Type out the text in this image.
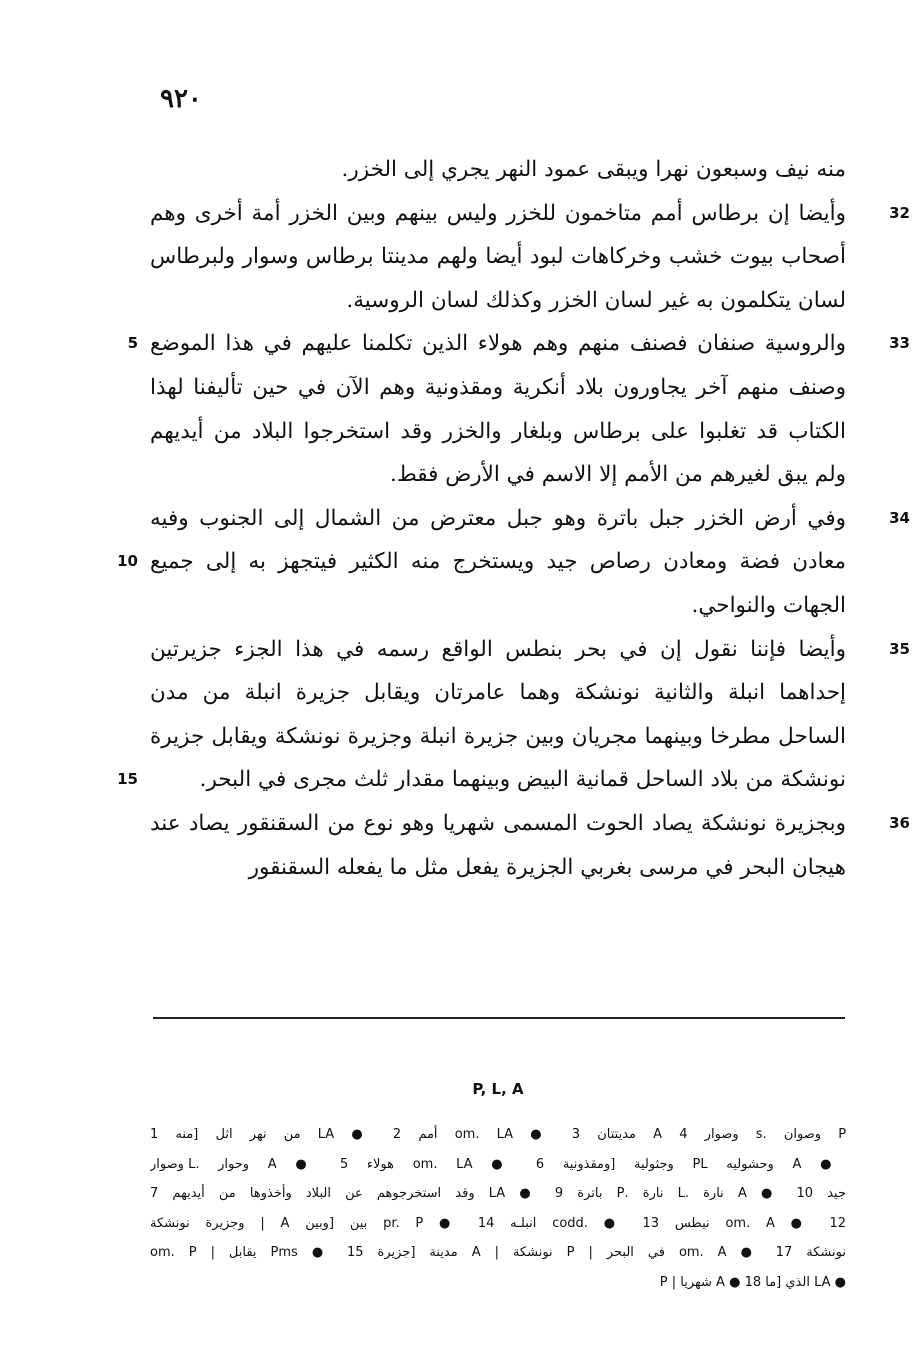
٩٢٠
منه نيف وسبعون نهرا ويبقى عمود النهر يجري إلى الخزر.
32
وأيضا إن برطاس أمم متاخمون للخزر وليس بينهم وبين الخزر أمة أخرى وهم أصحاب بيوت خشب وخركاهات لبود أيضا ولهم مدينتا برطاس وسوار ولبرطاس لسان يتكلمون به غير لسان الخزر وكذلك لسان الروسية.
33
5 والروسية صنفان فصنف منهم وهم هولاء الذين تكلمنا عليهم في هذا الموضع وصنف منهم آخر يجاورون بلاد أنكرية ومقذونية وهم الآن في حين تأليفنا لهذا الكتاب قد تغلبوا على برطاس وبلغار والخزر وقد استخرجوا البلاد من أيديهم ولم يبق لغيرهم من الأمم إلا الاسم في الأرض فقط.
34
10
وفي أرض الخزر جبل باترة وهو جبل معترض من الشمال إلى الجنوب وفيه معادن فضة ومعادن رصاص جيد ويستخرج منه الكثير فيتجهز به إلى جميع الجهات والنواحي.
35
15
وأيضا فإننا نقول إن في بحر بنطس الواقع رسمه في هذا الجزء جزيرتين إحداهما انبلة والثانية نونشكة وهما عامرتان ويقابل جزيرة انبلة من مدن الساحل مطرخا وبينهما مجريان وبين جزيرة انبلة وجزيرة نونشكة ويقابل جزيرة نونشكة من بلاد الساحل قمانية البيض وبينهما مقدار ثلث مجرى في البحر.
36
وبجزيرة نونشكة يصاد الحوت المسمى شهريا وهو نوع من السقنقور يصاد عند هيجان البحر في مرسى بغربي الجزيرة يفعل مثل ما يفعله السقنقور
P, L, A
P وصوان .s وصوار 4 A مديتتان 3 ● om. LA أمم 2 ● LA من نهر اثل [منه 1
● A وحشوليه PL وجثولية [ومقذونية 6 ● om. LA هولاء 5 ● A وحوار .L وصوار
جيد 10 ● A نارة .L نارة .P باترة 9 ● LA وقد استخرجوهم عن البلاد وأخذوها من أيديهم 7
om. A ● 12 نيطس codd. ● 13 انبلـه pr. P ● 14 بين [وبين A | وجزيرة نونشكة
نونشكة 17 ● om. A في البحر | P نونشكة | A مدينة [جزيرة 15 ● Pms يقابل | om. P
● LA الذي [ما 18 ● A شهريا | P
